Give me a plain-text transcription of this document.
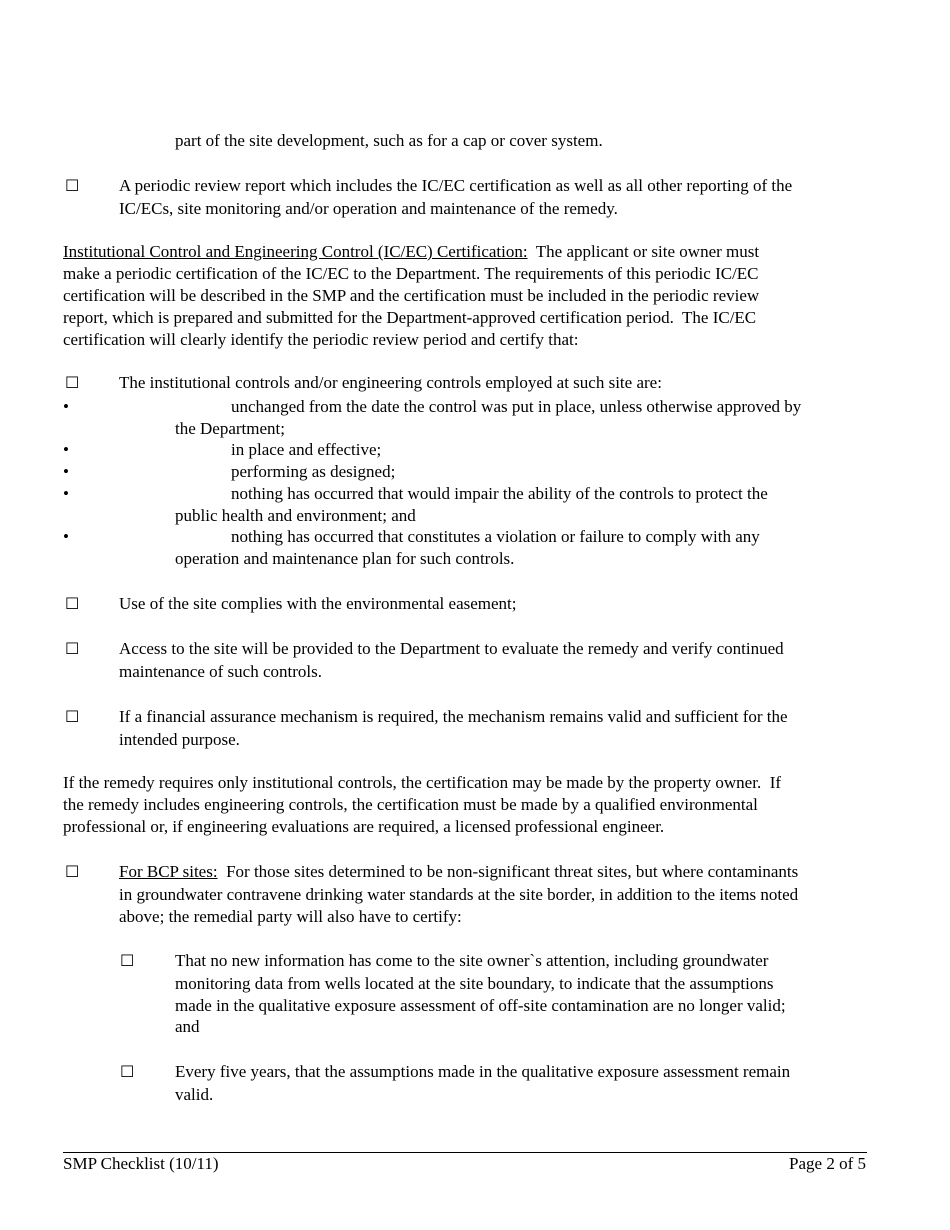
part of the site development, such as for a cap or cover system.
☐ A periodic review report which includes the IC/EC certification as well as all other reporting of the
IC/ECs, site monitoring and/or operation and maintenance of the remedy.
Institutional Control and Engineering Control (IC/EC) Certification:  The applicant or site owner must
make a periodic certification of the IC/EC to the Department. The requirements of this periodic IC/EC
certification will be described in the SMP and the certification must be included in the periodic review
report, which is prepared and submitted for the Department-approved certification period.  The IC/EC
certification will clearly identify the periodic review period and certify that:
☐ The institutional controls and/or engineering controls employed at such site are:
•	unchanged from the date the control was put in place, unless otherwise approved by
the Department;
•	in place and effective;
•	performing as designed;
•	nothing has occurred that would impair the ability of the controls to protect the
public health and environment; and
•	nothing has occurred that constitutes a violation or failure to comply with any
operation and maintenance plan for such controls.
☐ Use of the site complies with the environmental easement;
☐ Access to the site will be provided to the Department to evaluate the remedy and verify continued
maintenance of such controls.
☐ If a financial assurance mechanism is required, the mechanism remains valid and sufficient for the
intended purpose.
If the remedy requires only institutional controls, the certification may be made by the property owner.  If
the remedy includes engineering controls, the certification must be made by a qualified environmental
professional or, if engineering evaluations are required, a licensed professional engineer.
☐ For BCP sites:  For those sites determined to be non-significant threat sites, but where contaminants
in groundwater contravene drinking water standards at the site border, in addition to the items noted
above; the remedial party will also have to certify:
☐ That no new information has come to the site owner`s attention, including groundwater
monitoring data from wells located at the site boundary, to indicate that the assumptions
made in the qualitative exposure assessment of off-site contamination are no longer valid;
and
☐ Every five years, that the assumptions made in the qualitative exposure assessment remain
valid.
SMP Checklist (10/11)	Page 2 of 5
